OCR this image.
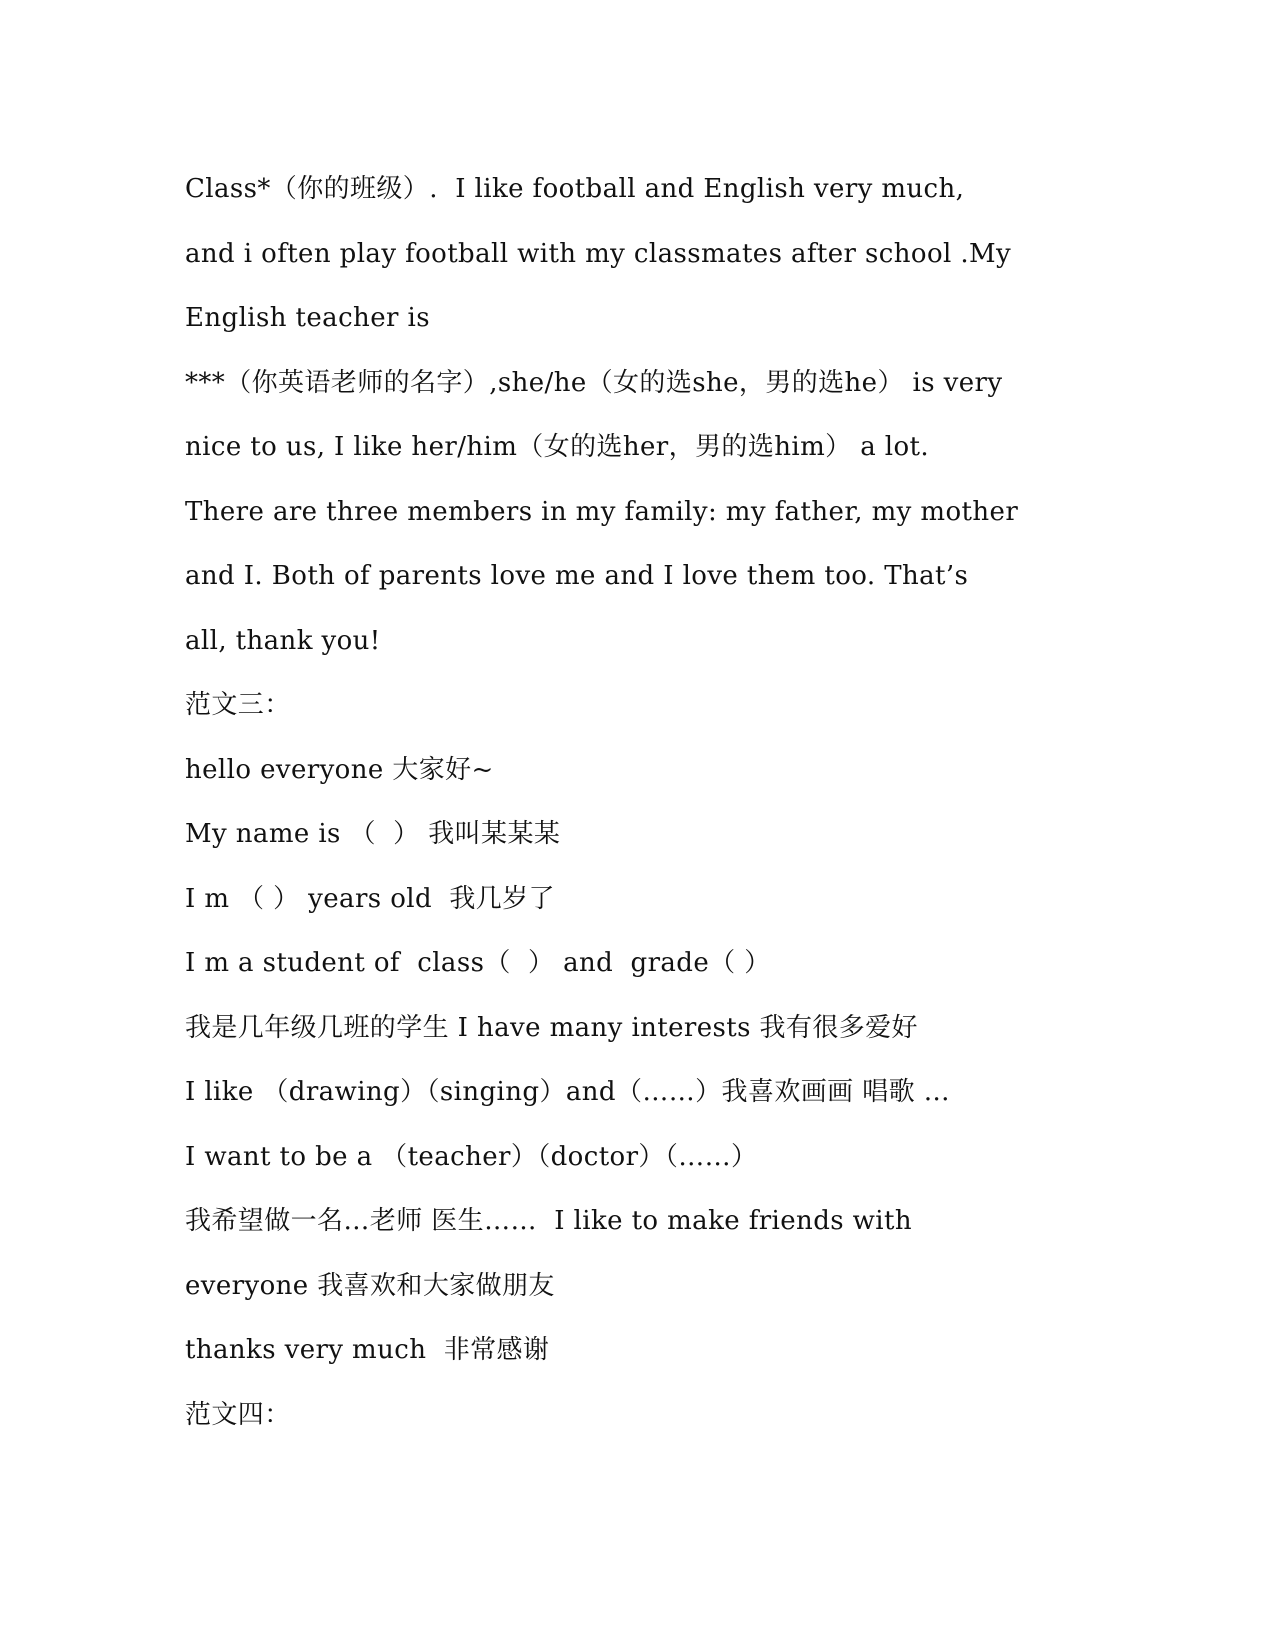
Class*（你的班级）.  I like football and English very much,
and i often play football with my classmates after school .My
English teacher is
***（你英语老师的名字）,she/he（女的选she，男的选he） is very
nice to us, I like her/him（女的选her，男的选him） a lot.
There are three members in my family: my father, my mother
and I. Both of parents love me and I love them too. That’s
all, thank you!
范文三：
hello everyone 大家好~
My name is （  ） 我叫某某某
I m （ ） years old  我几岁了
I m a student of  class（  ） and  grade（ ）
我是几年级几班的学生 I have many interests 我有很多爱好
I like （drawing）（singing）and（……）我喜欢画画 唱歌 …
I want to be a （teacher）（doctor）（……）
我希望做一名…老师 医生……  I like to make friends with
everyone 我喜欢和大家做朋友
thanks very much  非常感谢
范文四：
